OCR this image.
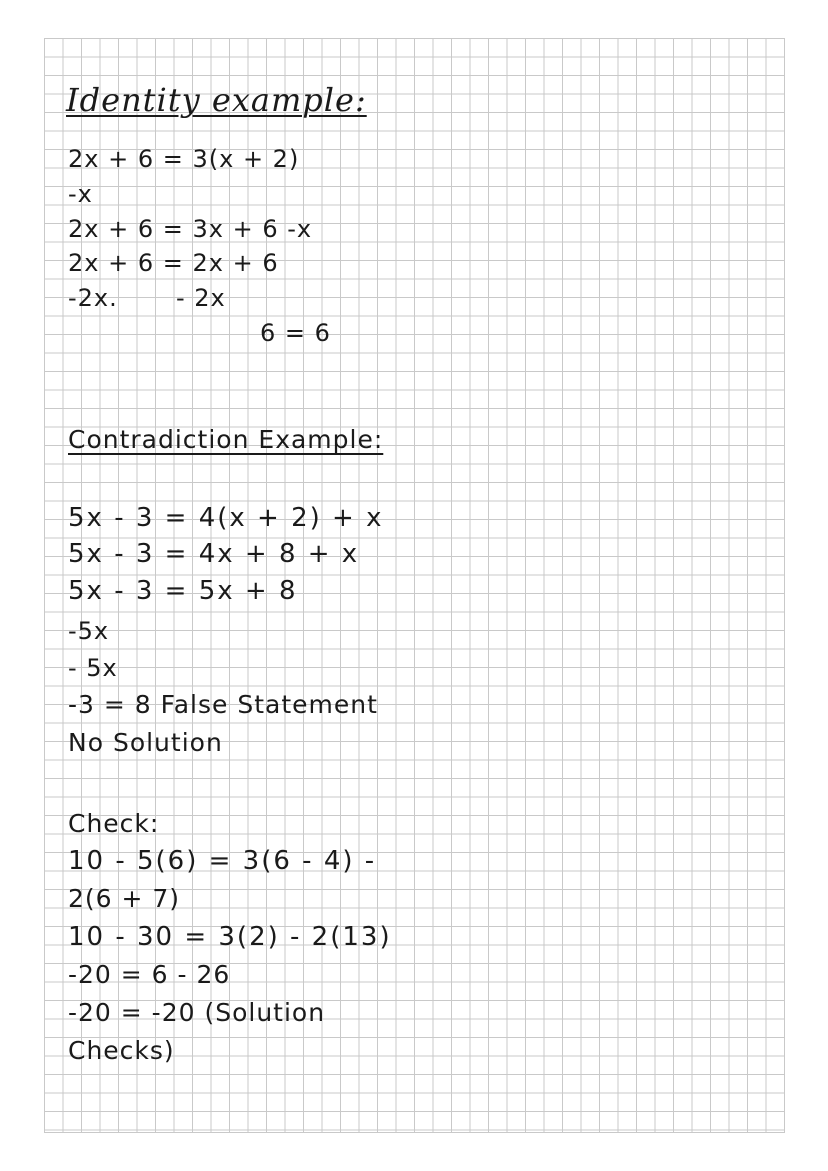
Identity example:
2x + 6 = 3(x + 2)
-x
2x + 6 = 3x + 6 -x
2x + 6 = 2x + 6
-2x. - 2x
6 = 6
Contradiction Example:
5x - 3 = 4(x + 2) + x
5x - 3 = 4x + 8 + x
5x - 3 = 5x + 8
-5x
- 5x
-3 = 8 False Statement
No Solution
Check:
10 - 5(6) = 3(6 - 4) -
2(6 + 7)
10 - 30 = 3(2) - 2(13)
-20 = 6 - 26
-20 = -20 (Solution
Checks)
